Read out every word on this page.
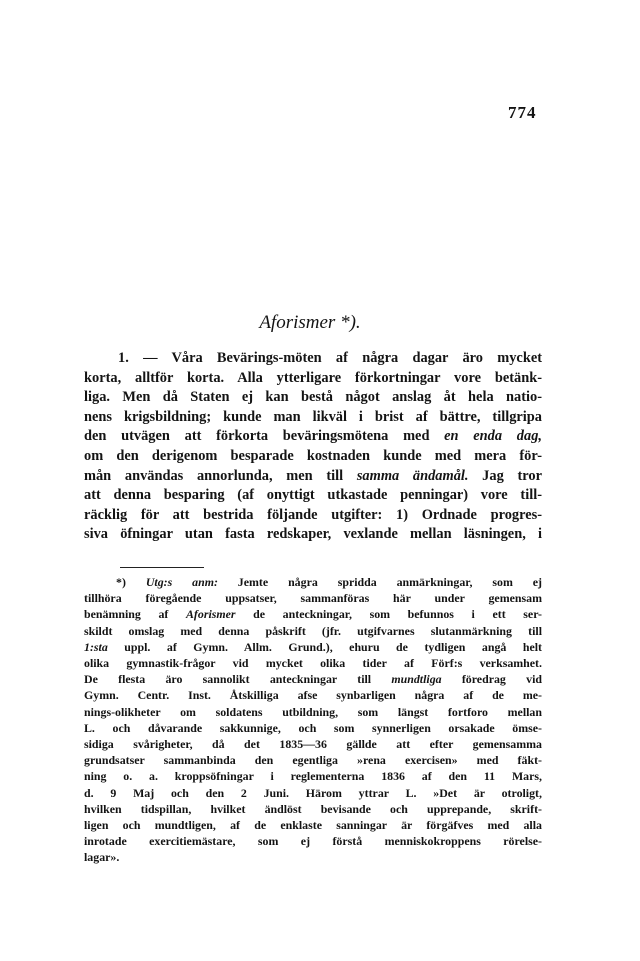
774
Aforismer *).
1. — Våra Bevärings-möten af några dagar äro mycket
korta, alltför korta. Alla ytterligare förkortningar vore betänk-
liga. Men då Staten ej kan bestå något anslag åt hela natio-
nens krigsbildning; kunde man likväl i brist af bättre, tillgripa
den utvägen att förkorta beväringsmötena med en enda dag,
om den derigenom besparade kostnaden kunde med mera för-
mån användas annorlunda, men till samma ändamål. Jag tror
att denna besparing (af onyttigt utkastade penningar) vore till-
räcklig för att bestrida följande utgifter: 1) Ordnade progres-
siva öfningar utan fasta redskaper, vexlande mellan läsningen, i
*) Utg:s anm: Jemte några spridda anmärkningar, som ej
tillhöra föregående uppsatser, sammanföras här under gemensam
benämning af Aforismer de anteckningar, som befunnos i ett ser-
skildt omslag med denna påskrift (jfr. utgifvarnes slutanmärkning till
1:sta uppl. af Gymn. Allm. Grund.), ehuru de tydligen angå helt
olika gymnastik-frågor vid mycket olika tider af Förf:s verksamhet.
De flesta äro sannolikt anteckningar till mundtliga föredrag vid
Gymn. Centr. Inst. Åtskilliga afse synbarligen några af de me-
nings-olikheter om soldatens utbildning, som längst fortforo mellan
L. och dåvarande sakkunnige, och som synnerligen orsakade ömse-
sidiga svårigheter, då det 1835—36 gällde att efter gemensamma
grundsatser sammanbinda den egentliga »rena exercisen» med fäkt-
ning o. a. kroppsöfningar i reglementerna 1836 af den 11 Mars,
d. 9 Maj och den 2 Juni. Härom yttrar L. »Det är otroligt,
hvilken tidspillan, hvilket ändlöst bevisande och upprepande, skrift-
ligen och mundtligen, af de enklaste sanningar är förgäfves med alla
inrotade exercitiemästare, som ej förstå menniskokroppens rörelse-
lagar».
